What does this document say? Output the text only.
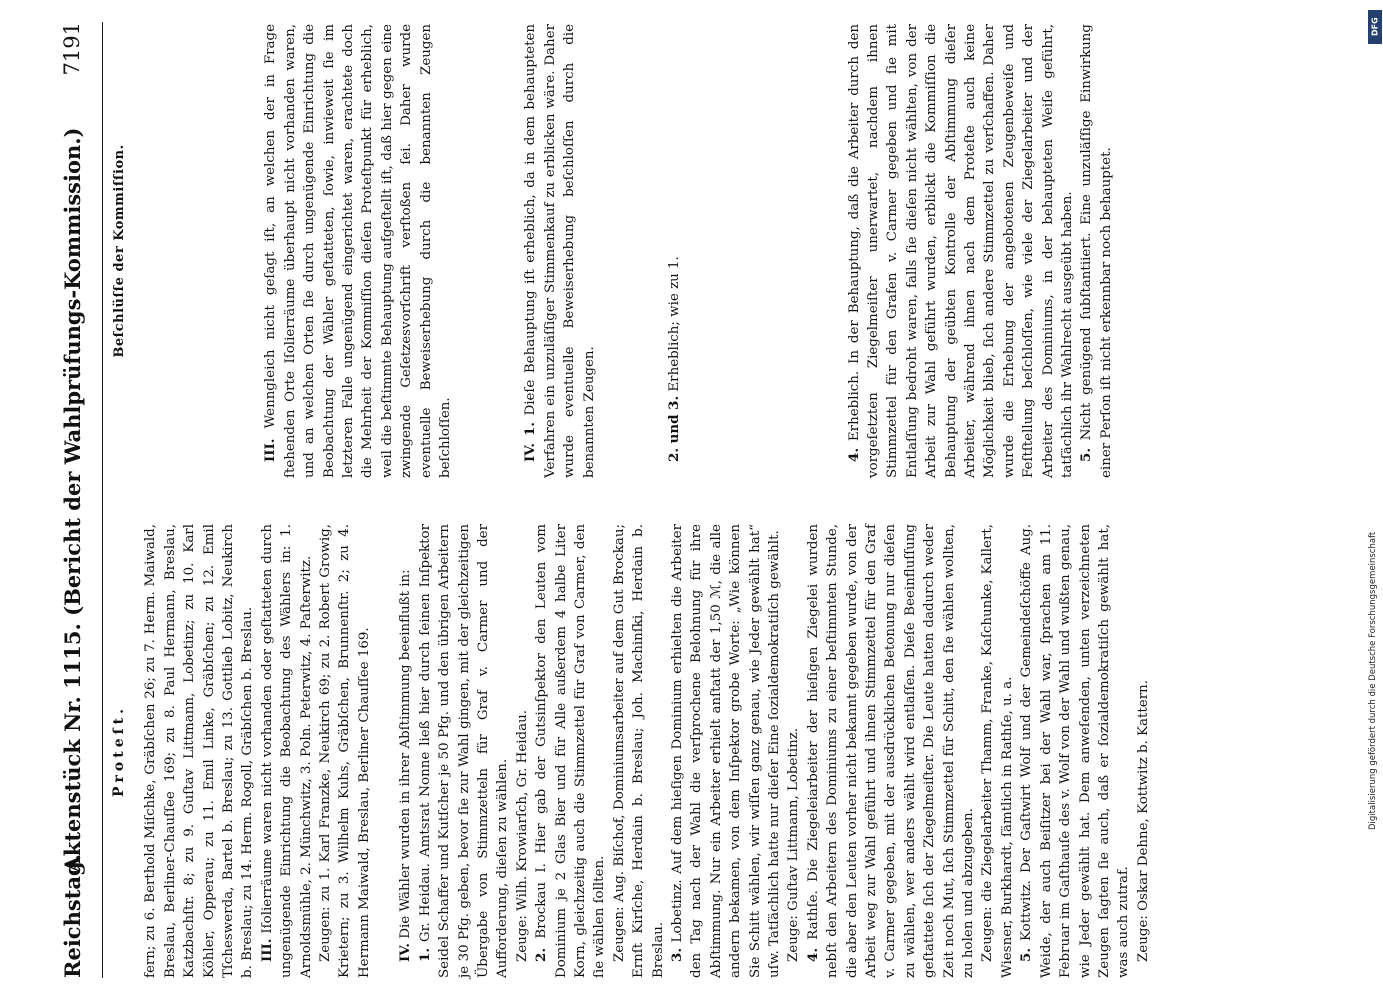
Reichstag.
Aktenstück Nr. 1115. (Bericht der Wahlprüfungs-Kommission.)
7191
Proteſt. fern; zu 6. Berthold Miſchke, Gräbſchen 26; zu 7. Herm. Maiwald, Breslau, Berliner-Chauſſee 169; zu 8. Paul Hermann, Breslau, Katzbachſtr. 8; zu 9. Guſtav Littmann, Lobetinz; zu 10. Karl Köhler, Opperau; zu 11. Emil Linke, Gräbſchen; zu 12. Emil Tſcheswerda, Bartel b. Breslau; zu 13. Gottlieb Lobitz, Neukirch b. Breslau; zu 14. Herm. Rogoll, Gräbſchen b. Breslau. III. Iſolierräume waren nicht vorhanden oder geſtatteten durch ungenügende Einrichtung die Beobachtung des Wählers in: 1. Arnoldsmühle, 2. Münchwitz, 3. Poln. Peterwitz, 4. Paſterwitz. Zeugen: zu 1. Karl Franzke, Neukirch 69; zu 2. Robert Growig, Krietern; zu 3. Wilhelm Kuhs, Gräbſchen, Brunnenſtr. 2; zu 4. Hermann Maiwald, Breslau, Berliner Chauſſee 169. IV. Die Wähler wurden in ihrer Abſtimmung beeinflußt in:

1. Gr. Heidau. Amtsrat Nonne ließ hier durch ſeinen Inſpektor Seidel Schaffer und Kutſcher je 50 Pfg. und den übrigen Arbeitern je 30 Pfg. geben, bevor ſie zur Wahl gingen, mit der gleichzeitigen Übergabe von Stimmzetteln für Graf v. Carmer und der Aufforderung, dieſen zu wählen. Zeuge: Wilh. Krowiarſch, Gr. Heidau. 2. Brockau I. Hier gab der Gutsinſpektor den Leuten vom Dominium je 2 Glas Bier und für Alle außerdem 4 halbe Liter Korn, gleichzeitig auch die Stimmzettel für Graf von Carmer, den ſie wählen ſollten. Zeugen: Aug. Biſchof, Dominiumsarbeiter auf dem Gut Brockau; Ernſt Kirſche, Herdain b. Breslau; Joh. Machinſki, Herdain b. Breslau. 3. Lobetinz. Auf dem hieſigen Dominium erhielten die Arbeiter den Tag nach der Wahl die verſprochene Belohnung für ihre Abſtimmung. Nur ein Arbeiter erhielt anſtatt der 1,50 ℳ, die alle andern bekamen, von dem Inſpektor grobe Worte: „Wie können Sie Schitt wählen, wir wiſſen ganz genau, wie Jeder gewählt hat“ uſw. Tatſächlich hatte nur dieſer Eine ſozialdemokratiſch gewählt. Zeuge: Guſtav Littmann, Lobetinz. 4. Rathſe. Die Ziegeleiarbeiter der hieſigen Ziegelei wurden nebſt den Arbeitern des Dominiums zu einer beſtimmten Stunde, die aber den Leuten vorher nicht bekannt gegeben wurde, von der Arbeit weg zur Wahl geführt und ihnen Stimmzettel für den Graf v. Carmer gegeben, mit der ausdrücklichen Betonung nur dieſen zu wählen, wer anders wählt wird entlaſſen. Dieſe Beeinfluſſung geſtattete ſich der Ziegelmeiſter. Die Leute hatten dadurch weder Zeit noch Mut, ſich Stimmzettel für Schitt, den ſie wählen wollten, zu holen und abzugeben. Zeugen: die Ziegelarbeiter Thamm, Franke, Kaſchunke, Kallert, Wiesner, Burkhardt, ſämtlich in Rathſe, u. a. 5. Kottwitz. Der Gaſtwirt Wolf und der Gemeindeſchöffe Aug. Weide, der auch Beiſitzer bei der Wahl war, ſprachen am 11. Februar im Gaſthauſe des v. Wolf von der Wahl und wußten genau, wie Jeder gewählt hat. Dem anweſenden, unten verzeichneten Zeugen ſagten ſie auch, daß er ſozialdemokratiſch gewählt hat, was auch zutraf. Zeuge: Oskar Dehne, Kottwitz b. Kattern.

Beſchlüſſe der Kommiſſion.

III. Wenngleich nicht geſagt iſt, an welchen der in Frage ſtehenden Orte Iſolierräume überhaupt nicht vorhanden waren, und an welchen Orten ſie durch ungenügende Einrichtung die Beobachtung der Wähler geſtatteten, ſowie, inwieweit ſie im letzteren Falle ungenügend eingerichtet waren, erachtete doch die Mehrheit der Kommiſſion dieſen Proteſtpunkt für erheblich, weil die beſtimmte Behauptung aufgeſtellt iſt, daß hier gegen eine zwingende Geſetzesvorſchrift verſtoßen ſei. Daher wurde eventuelle Beweiserhebung durch die benannten Zeugen beſchloſſen.	IV. 1. Dieſe Behauptung iſt erheblich, da in dem behaupteten Verfahren ein unzuläſſiger Stimmenkauf zu erblicken wäre. Daher wurde eventuelle Beweiserhebung beſchloſſen durch die benannten Zeugen.	2. und 3. Erheblich; wie zu 1.

4. Erheblich. In der Behauptung, daß die Arbeiter durch den vorgeſetzten Ziegelmeiſter unerwartet, nachdem ihnen Stimmzettel für den Grafen v. Carmer gegeben und ſie mit Entlaſſung bedroht waren, falls ſie dieſen nicht wählten, von der Arbeit zur Wahl geführt wurden, erblickt die Kommiſſion die Behauptung der geübten Kontrolle der Abſtimmung dieſer Arbeiter, während ihnen nach dem Proteſte auch keine Möglichkeit blieb, ſich andere Stimmzettel zu verſchaffen. Daher wurde die Erhebung der angebotenen Zeugenbeweiſe und Feſtſtellung beſchloſſen, wie viele der Ziegelarbeiter und der Arbeiter des Dominiums, in der behaupteten Weiſe geführt, tatſächlich ihr Wahlrecht ausgeübt haben. 5. Nicht genügend ſubſtantiiert. Eine unzuläſſige Einwirkung einer Perſon iſt nicht erkennbar noch behauptet.

DFG
Digitalisierung gefördert durch die Deutsche Forschungsgemeinschaft
